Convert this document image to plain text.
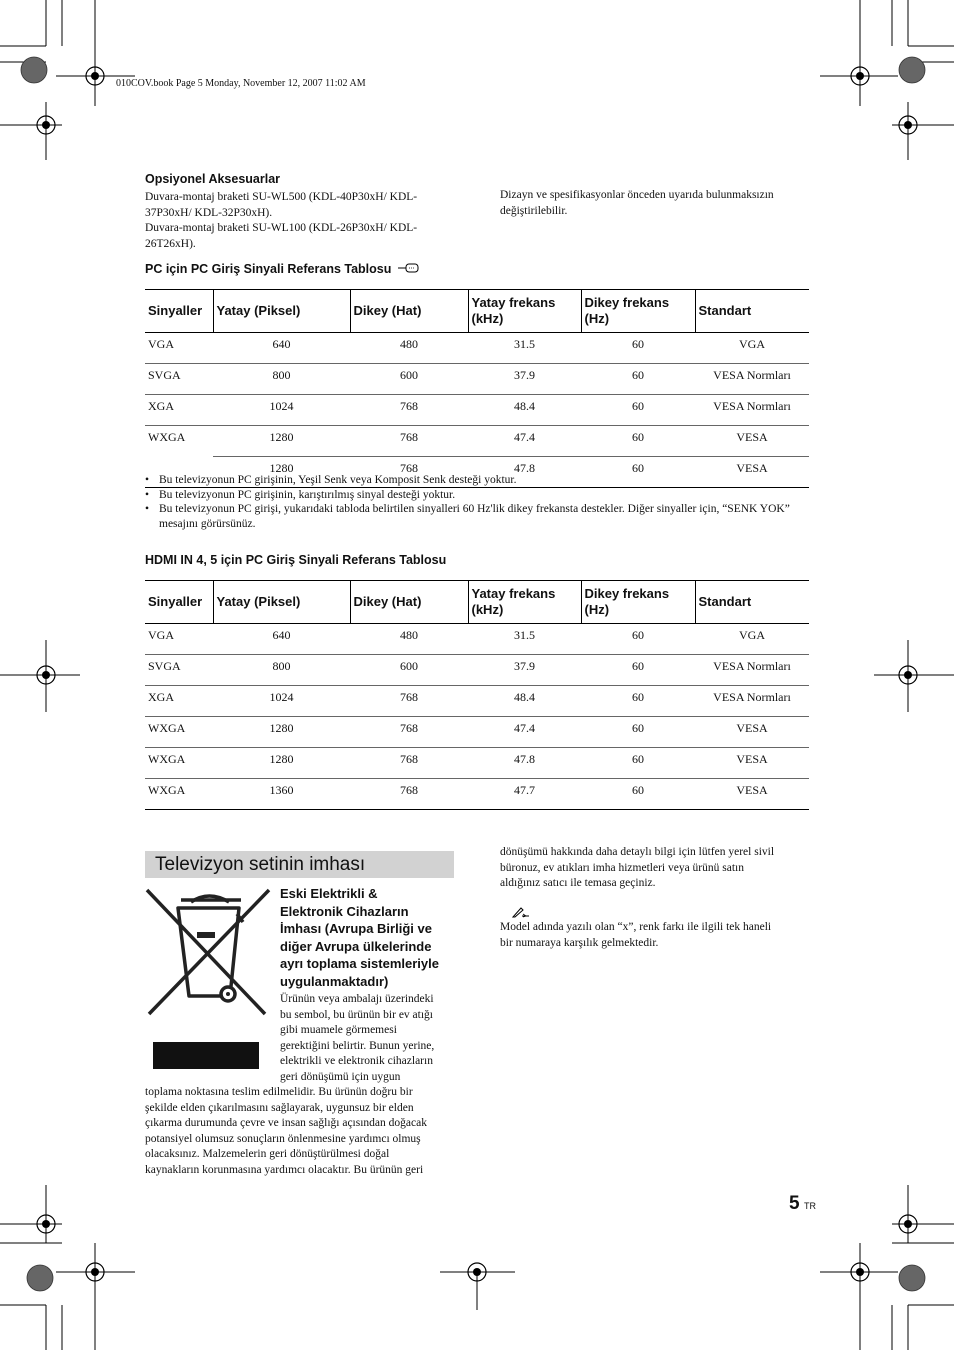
010COV.book Page 5 Monday, November 12, 2007 11:02 AM
Opsiyonel Aksesuarlar
Duvara-montaj braketi SU-WL500 (KDL-40P30xH/ KDL-
37P30xH/ KDL-32P30xH).
Duvara-montaj braketi SU-WL100 (KDL-26P30xH/ KDL-
26T26xH).
Dizayn ve spesifikasyonlar önceden uyarıda bulunmaksızın
değiştirilebilir.
PC için PC Giriş Sinyali Referans Tablosu
Sinyaller	Yatay (Piksel)	Dikey (Hat)	Yatay frekans (kHz)	Dikey frekans (Hz)	Standart
VGA	640	480	31.5	60	VGA
SVGA	800	600	37.9	60	VESA Normları
XGA	1024	768	48.4	60	VESA Normları
WXGA	1280	768	47.4	60	VESA
	1280	768	47.8	60	VESA
• Bu televizyonun PC girişinin, Yeşil Senk veya Komposit Senk desteği yoktur.
• Bu televizyonun PC girişinin, karıştırılmış sinyal desteği yoktur.
• Bu televizyonun PC girişi, yukarıdaki tabloda belirtilen sinyalleri 60 Hz'lik dikey frekansta destekler. Diğer sinyaller için, “SENK YOK” mesajını görürsünüz.
HDMI IN 4, 5 için PC Giriş Sinyali Referans Tablosu
Sinyaller	Yatay (Piksel)	Dikey (Hat)	Yatay frekans (kHz)	Dikey frekans (Hz)	Standart
VGA	640	480	31.5	60	VGA
SVGA	800	600	37.9	60	VESA Normları
XGA	1024	768	48.4	60	VESA Normları
WXGA	1280	768	47.4	60	VESA
WXGA	1280	768	47.8	60	VESA
WXGA	1360	768	47.7	60	VESA
Televizyon setinin imhası
Eski Elektrikli &
Elektronik Cihazların
İmhası (Avrupa Birliği ve
diğer Avrupa ülkelerinde
ayrı toplama sistemleriyle
uygulanmaktadır)
Ürünün veya ambalajı üzerindeki
bu sembol, bu ürünün bir ev atığı
gibi muamele görmemesi
gerektiğini belirtir. Bunun yerine,
elektrikli ve elektronik cihazların
geri dönüşümü için uygun
toplama noktasına teslim edilmelidir. Bu ürünün doğru bir
şekilde elden çıkarılmasını sağlayarak, uygunsuz bir elden
çıkarma durumunda çevre ve insan sağlığı açısından doğacak
potansiyel olumsuz sonuçların önlenmesine yardımcı olmuş
olacaksınız. Malzemelerin geri dönüştürülmesi doğal
kaynakların korunmasına yardımcı olacaktır. Bu ürünün geri
dönüşümü hakkında daha detaylı bilgi için lütfen yerel sivil
büronuz, ev atıkları imha hizmetleri veya ürünü satın
aldığınız satıcı ile temasa geçiniz.
Model adında yazılı olan “x”, renk farkı ile ilgili tek haneli
bir numaraya karşılık gelmektedir.
5 TR
